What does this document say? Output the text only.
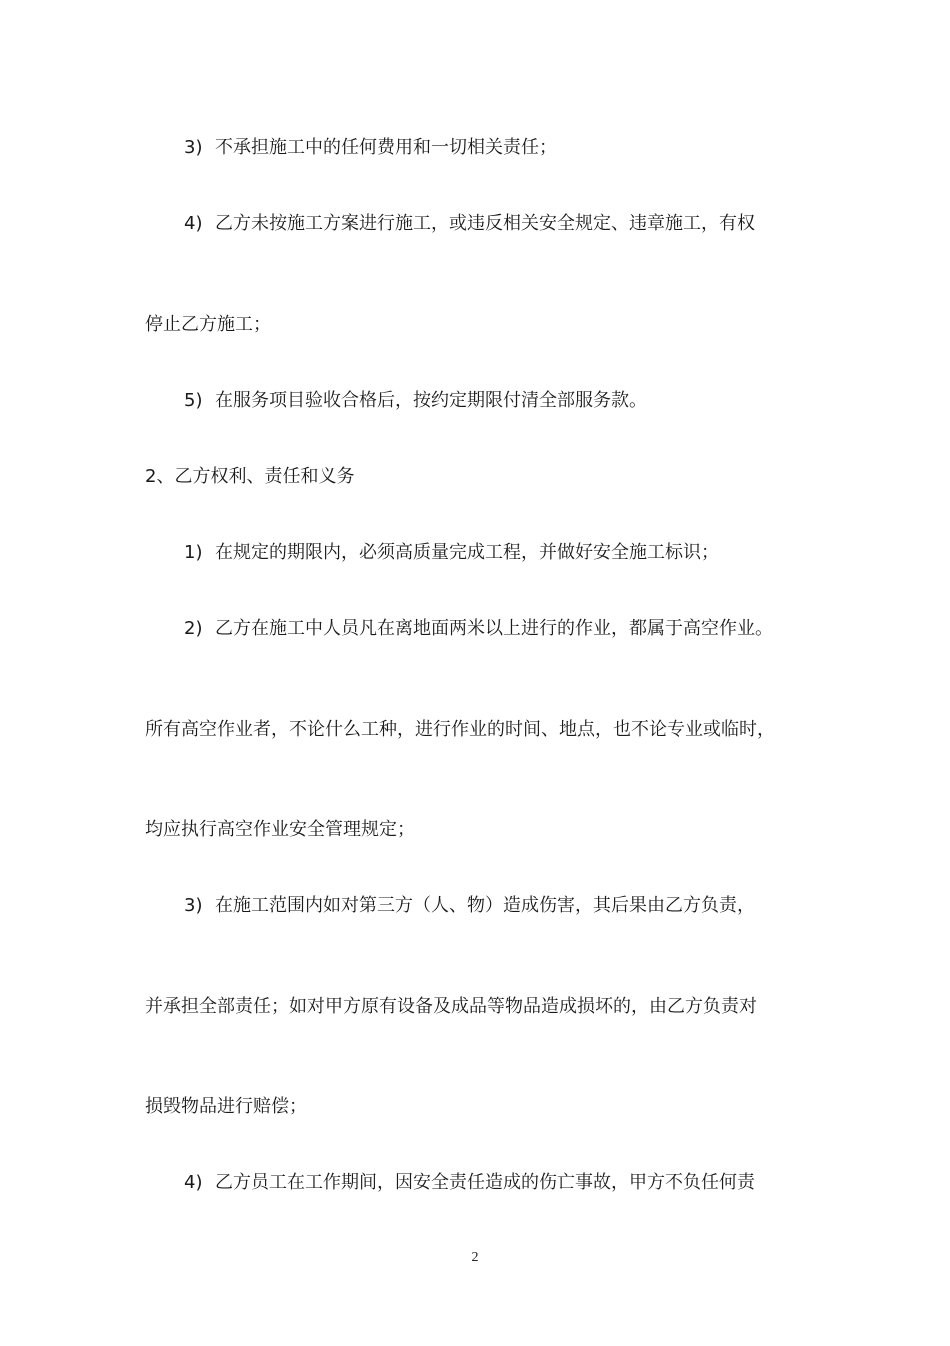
3) 不承担施工中的任何费用和一切相关责任；
4) 乙方未按施工方案进行施工，或违反相关安全规定、违章施工，有权
停止乙方施工；
5) 在服务项目验收合格后，按约定期限付清全部服务款。
2、乙方权利、责任和义务
1) 在规定的期限内，必须高质量完成工程，并做好安全施工标识；
2) 乙方在施工中人员凡在离地面两米以上进行的作业，都属于高空作业。
所有高空作业者，不论什么工种，进行作业的时间、地点，也不论专业或临时，
均应执行高空作业安全管理规定；
3) 在施工范围内如对第三方（人、物）造成伤害，其后果由乙方负责，
并承担全部责任；如对甲方原有设备及成品等物品造成损坏的，由乙方负责对
损毁物品进行赔偿；
4) 乙方员工在工作期间，因安全责任造成的伤亡事故，甲方不负任何责
2
